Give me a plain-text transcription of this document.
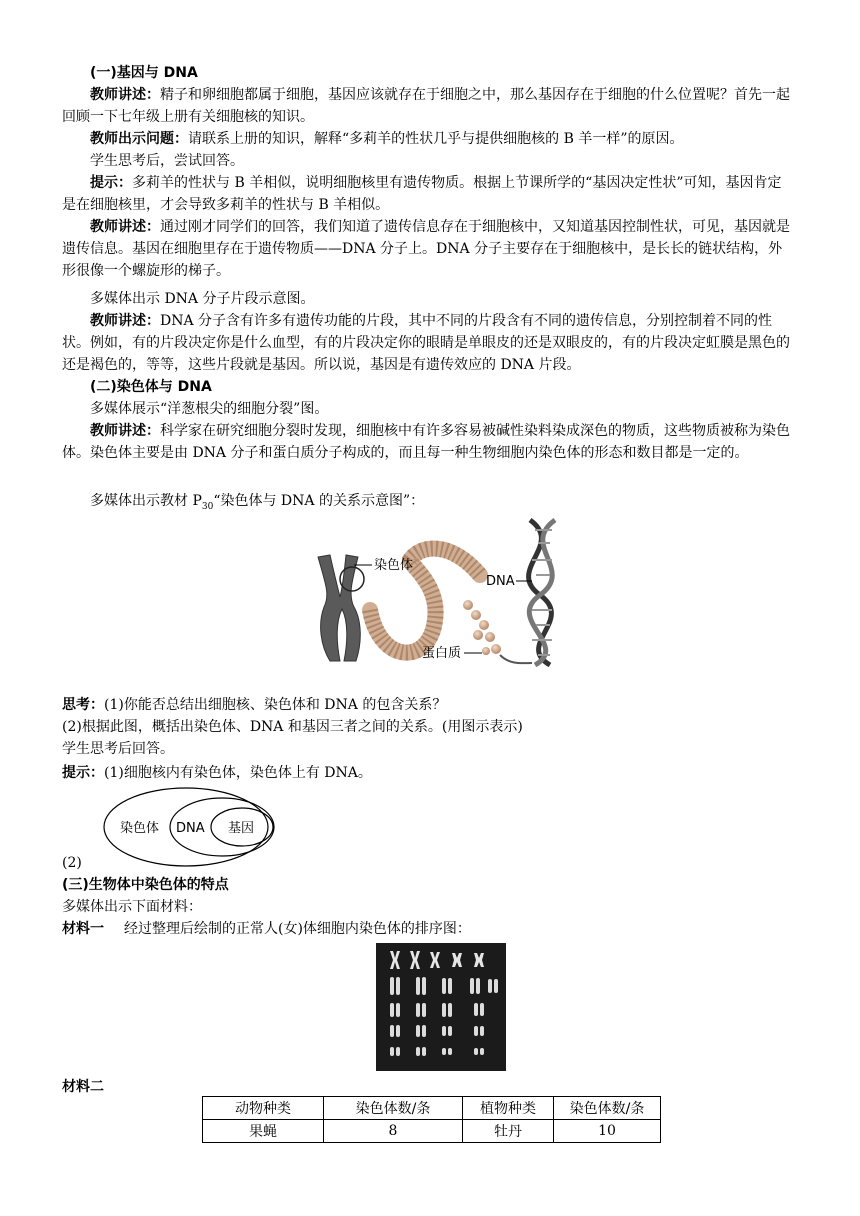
(一)基因与 DNA

教师讲述：精子和卵细胞都属于细胞，基因应该就存在于细胞之中，那么基因存在于细胞的什么位置呢？首先一起回顾一下七年级上册有关细胞核的知识。

教师出示问题：请联系上册的知识，解释“多莉羊的性状几乎与提供细胞核的 B 羊一样”的原因。

学生思考后，尝试回答。

提示：多莉羊的性状与 B 羊相似，说明细胞核里有遗传物质。根据上节课所学的“基因决定性状”可知，基因肯定是在细胞核里，才会导致多莉羊的性状与 B 羊相似。

教师讲述：通过刚才同学们的回答，我们知道了遗传信息存在于细胞核中，又知道基因控制性状，可见，基因就是遗传信息。基因在细胞里存在于遗传物质——DNA 分子上。DNA 分子主要存在于细胞核中，是长长的链状结构，外形很像一个螺旋形的梯子。

多媒体出示 DNA 分子片段示意图。

教师讲述：DNA 分子含有许多有遗传功能的片段，其中不同的片段含有不同的遗传信息，分别控制着不同的性状。例如，有的片段决定你是什么血型，有的片段决定你的眼睛是单眼皮的还是双眼皮的，有的片段决定虹膜是黑色的还是褐色的，等等，这些片段就是基因。所以说，基因是有遗传效应的 DNA 片段。

(二)染色体与 DNA

多媒体展示“洋葱根尖的细胞分裂”图。

教师讲述：科学家在研究细胞分裂时发现，细胞核中有许多容易被碱性染料染成深色的物质，这些物质被称为染色体。染色体主要是由 DNA 分子和蛋白质分子构成的，而且每一种生物细胞内染色体的形态和数目都是一定的。

多媒体出示教材 $P_{30}“$染色体与 DNA 的关系示意图”：

染色体
DNA
蛋白质

思考：(1)你能否总结出细胞核、染色体和 DNA 的包含关系？

(2)根据此图，概括出染色体、DNA 和基因三者之间的关系。(用图示表示)

学生思考后回答。

提示：(1)细胞核内有染色体，染色体上有 DNA。

染色体 DNA 基因

(2)

(三)生物体中染色体的特点

多媒体出示下面材料：

材料一 经过整理后绘制的正常人(女)体细胞内染色体的排序图：

材料二

动物种类	染色体数/条	植物种类	染色体数/条
果蝇	8	牡丹	10
